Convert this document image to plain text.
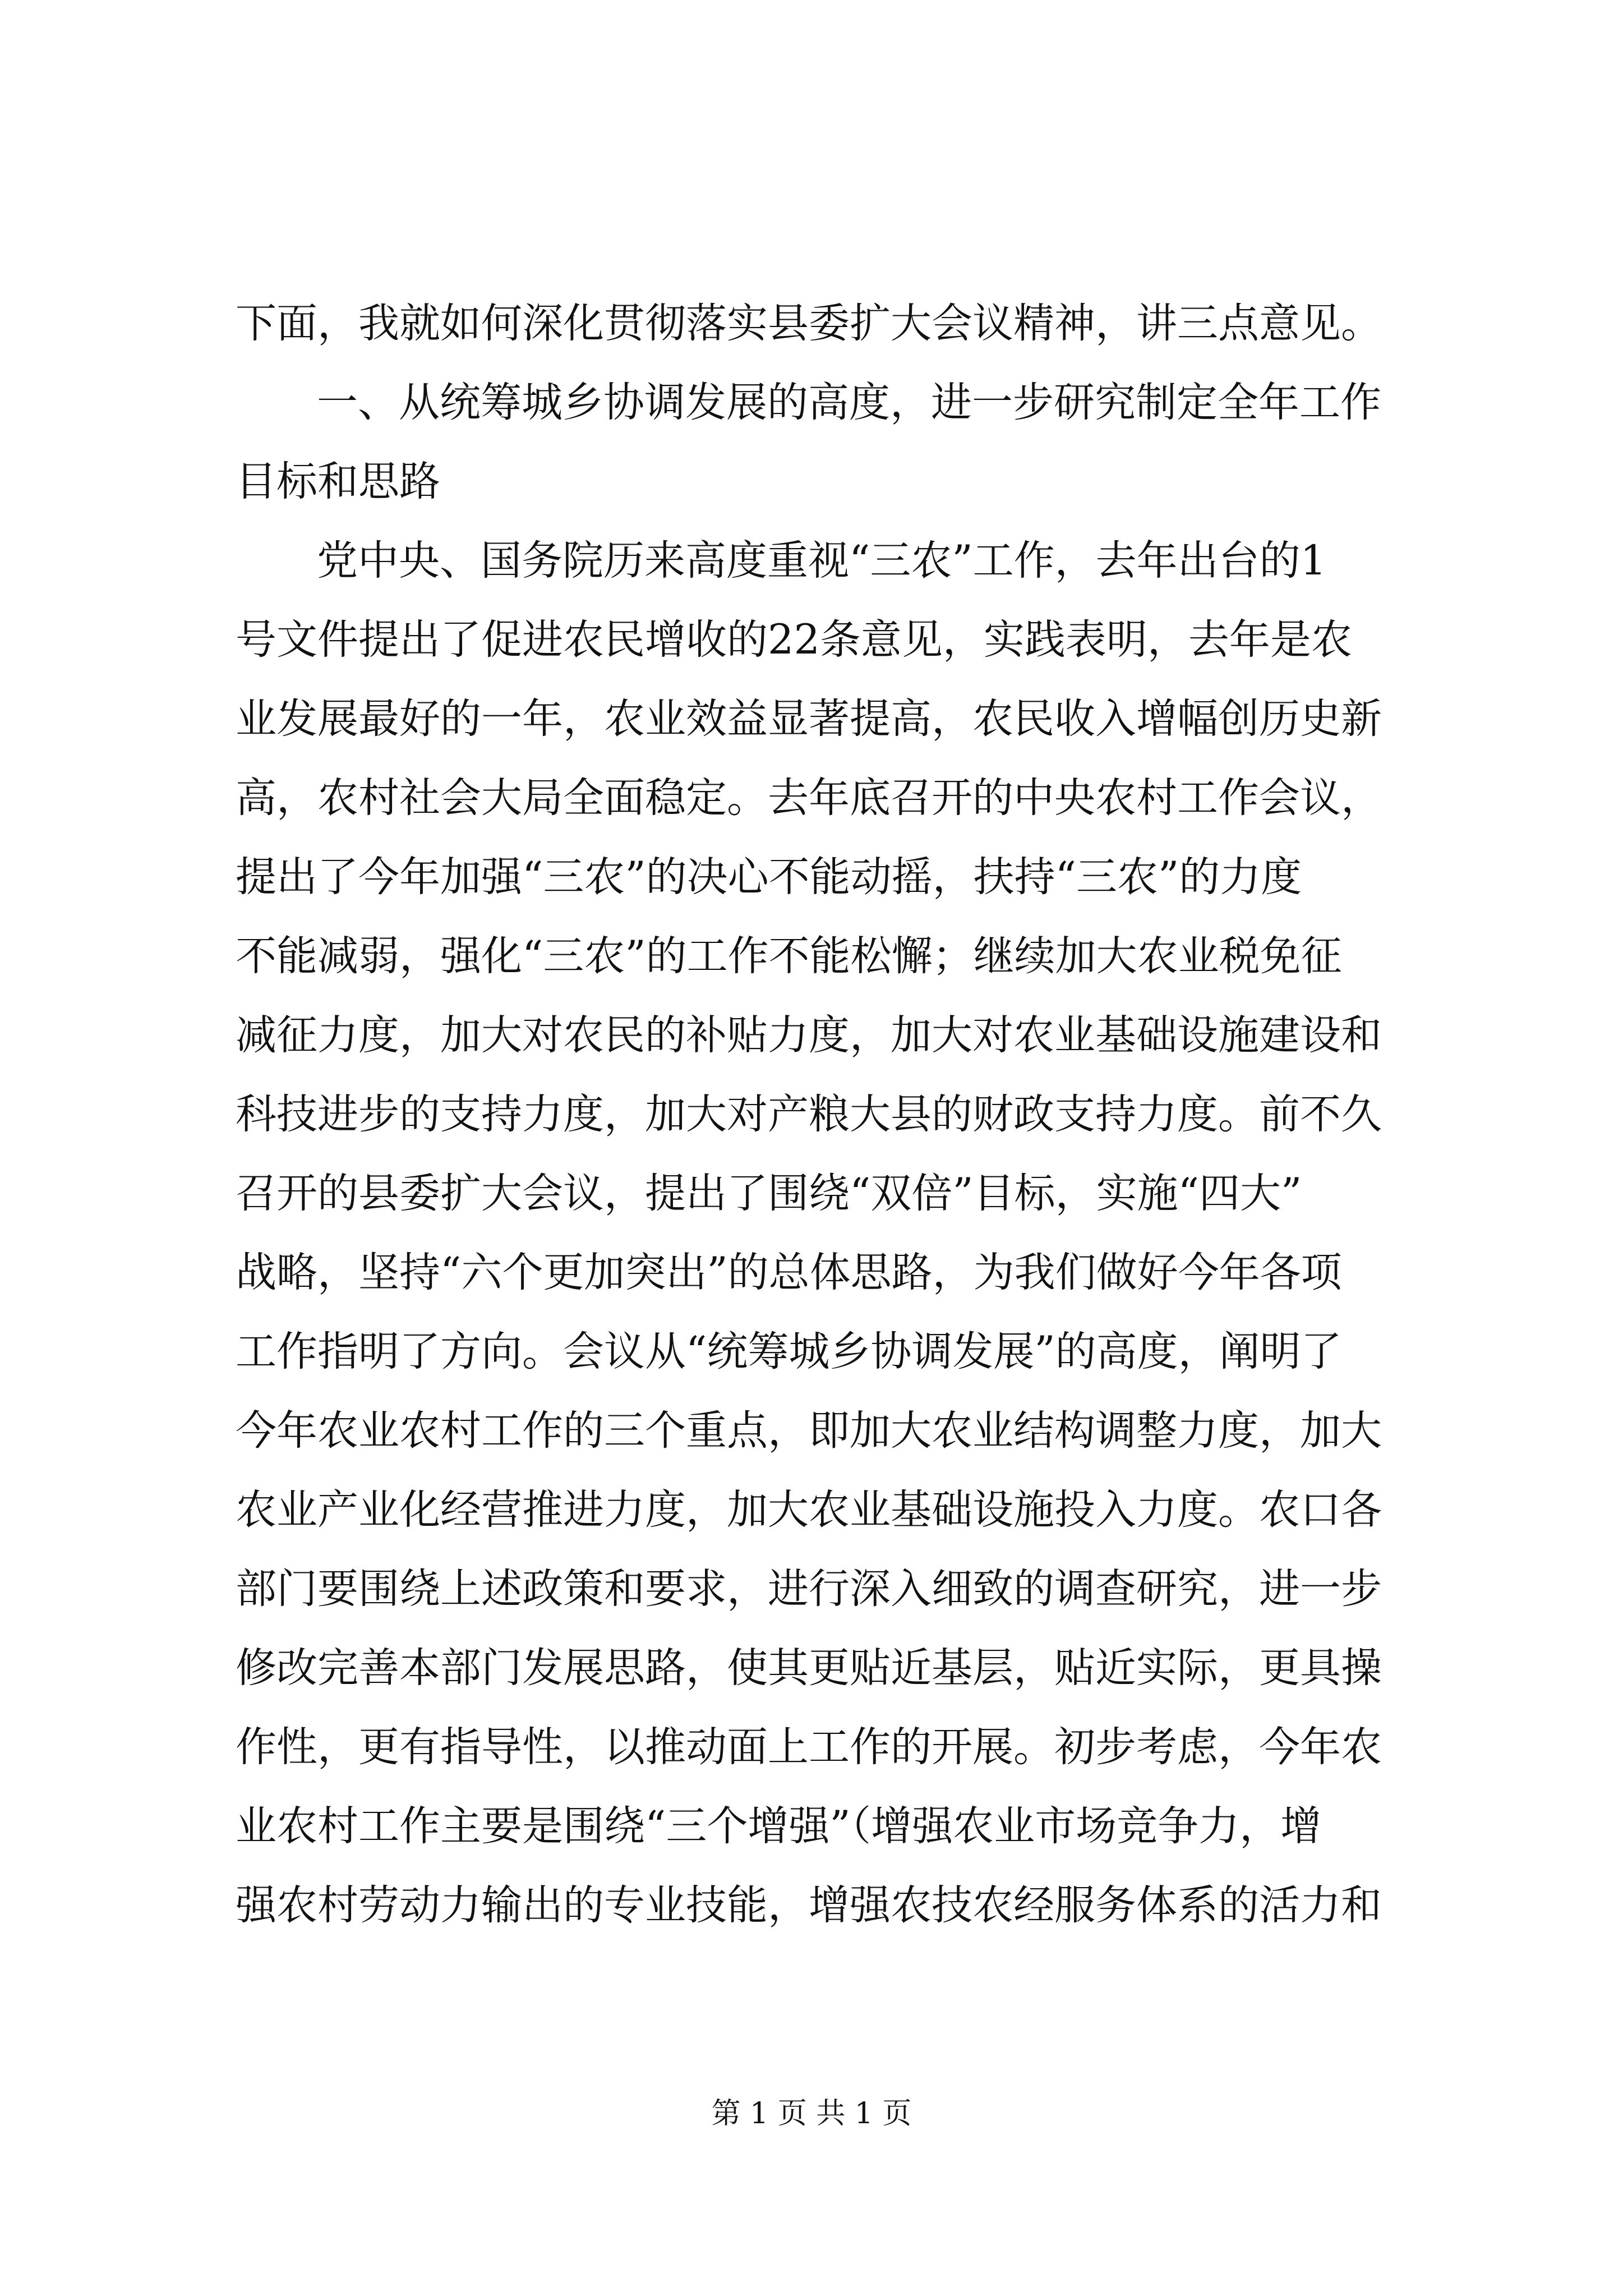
下面，我就如何深化贯彻落实县委扩大会议精神，讲三点意见。
一、从统筹城乡协调发展的高度，进一步研究制定全年工作
目标和思路
党中央、国务院历来高度重视“三农”工作，去年出台的1
号文件提出了促进农民增收的22条意见，实践表明，去年是农
业发展最好的一年，农业效益显著提高，农民收入增幅创历史新
高，农村社会大局全面稳定。去年底召开的中央农村工作会议，
提出了今年加强“三农”的决心不能动摇，扶持“三农”的力度
不能减弱，强化“三农”的工作不能松懈；继续加大农业税免征
减征力度，加大对农民的补贴力度，加大对农业基础设施建设和
科技进步的支持力度，加大对产粮大县的财政支持力度。前不久
召开的县委扩大会议，提出了围绕“双倍”目标，实施“四大”
战略，坚持“六个更加突出”的总体思路，为我们做好今年各项
工作指明了方向。会议从“统筹城乡协调发展”的高度，阐明了
今年农业农村工作的三个重点，即加大农业结构调整力度，加大
农业产业化经营推进力度，加大农业基础设施投入力度。农口各
部门要围绕上述政策和要求，进行深入细致的调查研究，进一步
修改完善本部门发展思路，使其更贴近基层，贴近实际，更具操
作性，更有指导性，以推动面上工作的开展。初步考虑，今年农
业农村工作主要是围绕“三个增强”（增强农业市场竞争力，增
强农村劳动力输出的专业技能，增强农技农经服务体系的活力和
第 1 页 共 1 页
